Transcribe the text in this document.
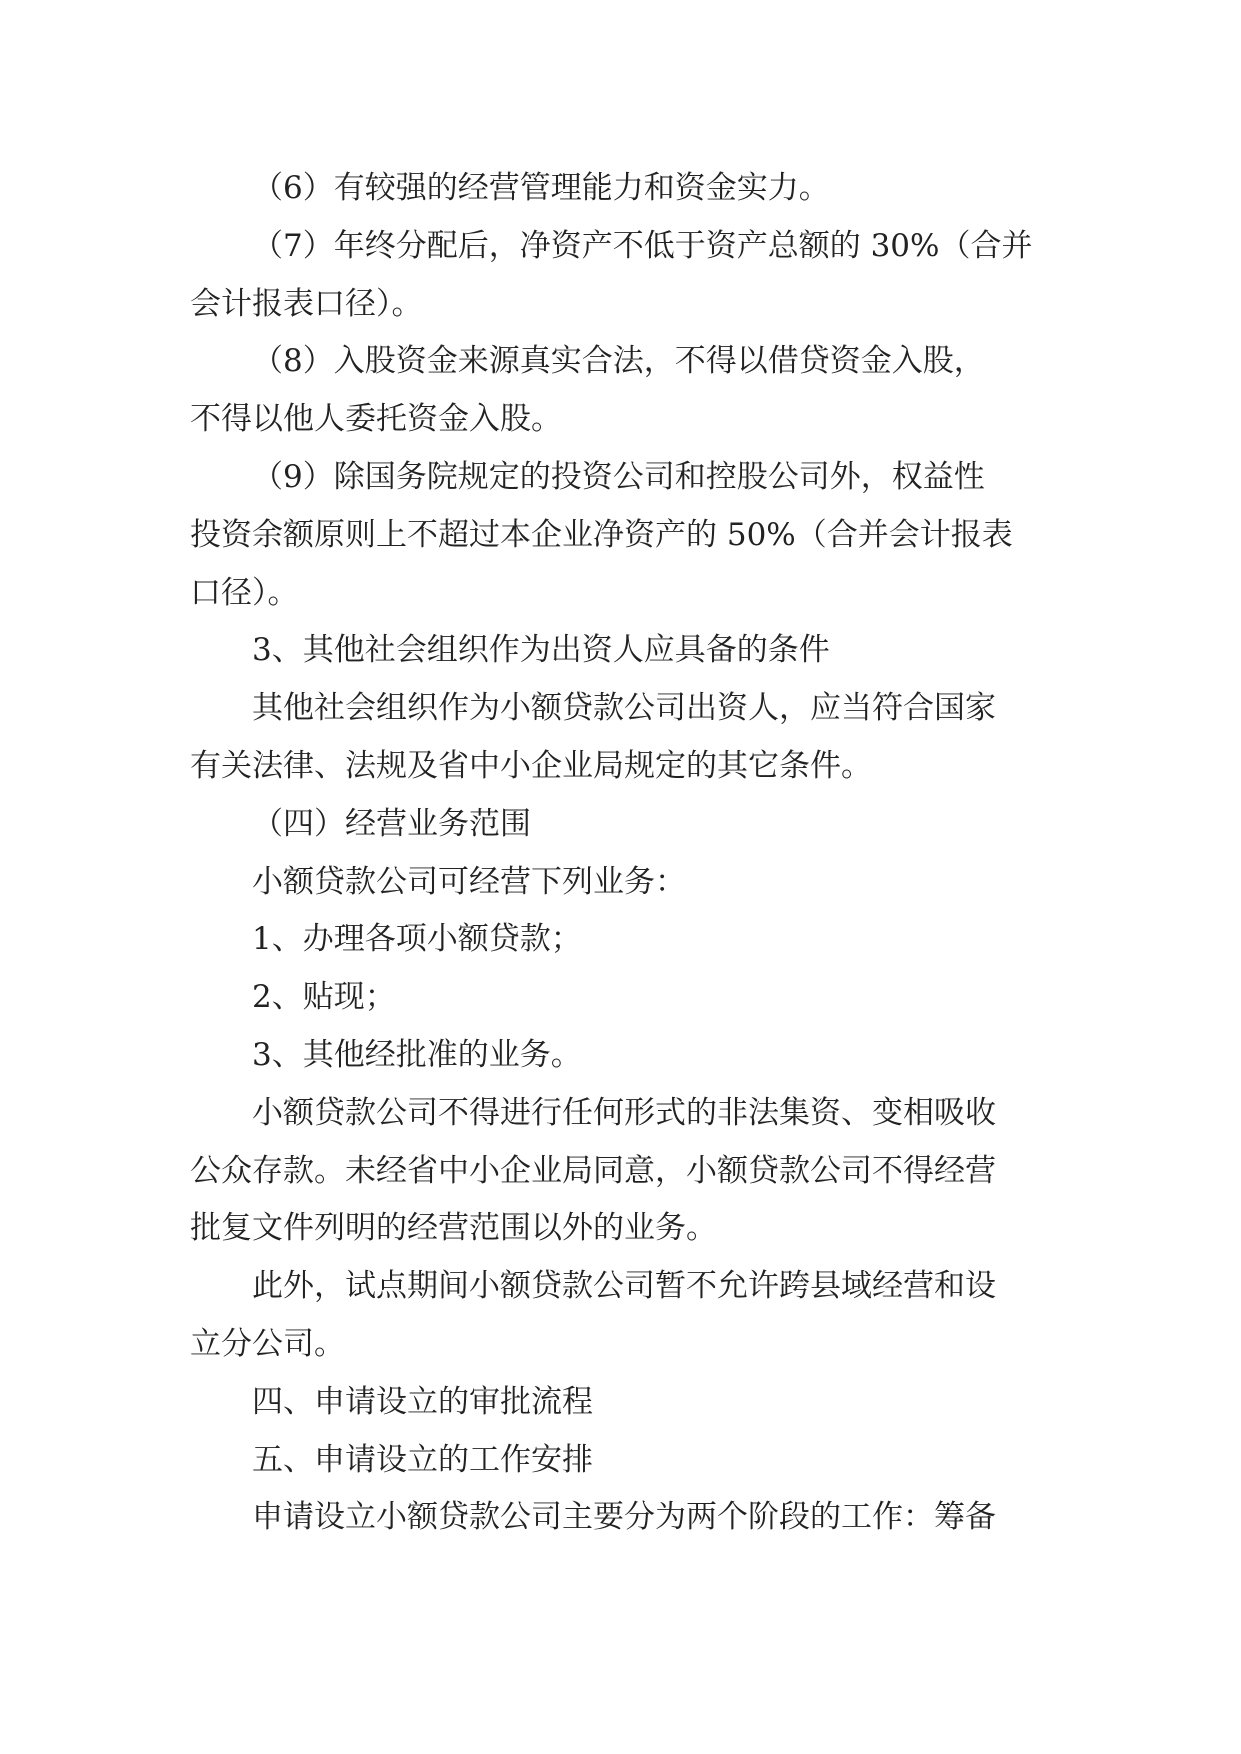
（6）有较强的经营管理能力和资金实力。

（7）年终分配后，净资产不低于资产总额的 30%（合并
会计报表口径）。

（8）入股资金来源真实合法，不得以借贷资金入股，
不得以他人委托资金入股。

（9）除国务院规定的投资公司和控股公司外，权益性
投资余额原则上不超过本企业净资产的 50%（合并会计报表
口径）。

3、其他社会组织作为出资人应具备的条件

其他社会组织作为小额贷款公司出资人，应当符合国家
有关法律、法规及省中小企业局规定的其它条件。

（四）经营业务范围

小额贷款公司可经营下列业务：

1、办理各项小额贷款；

2、贴现；

3、其他经批准的业务。

小额贷款公司不得进行任何形式的非法集资、变相吸收
公众存款。未经省中小企业局同意，小额贷款公司不得经营
批复文件列明的经营范围以外的业务。

此外，试点期间小额贷款公司暂不允许跨县域经营和设
立分公司。

四、申请设立的审批流程

五、申请设立的工作安排

申请设立小额贷款公司主要分为两个阶段的工作：筹备
